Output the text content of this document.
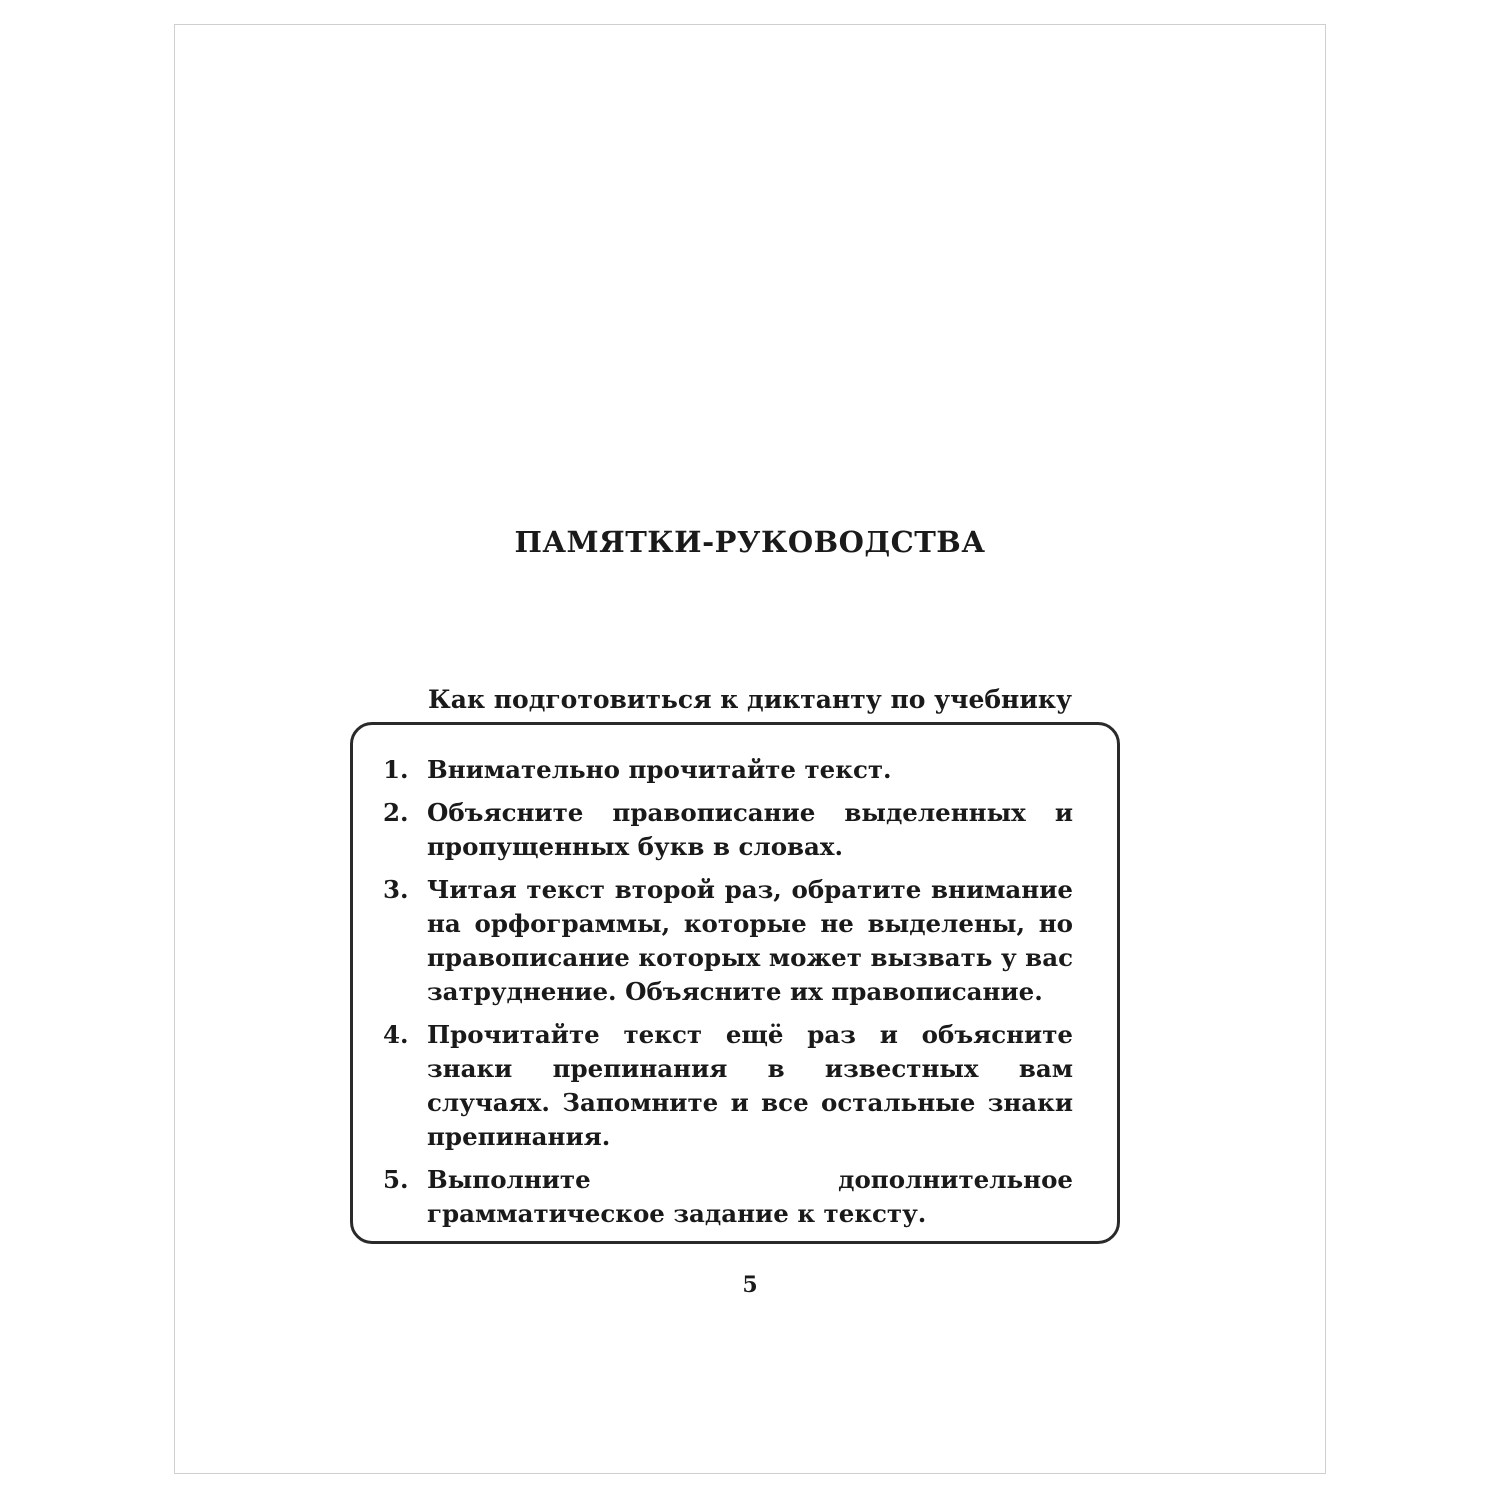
ПАМЯТКИ-РУКОВОДСТВА
Как подготовиться к диктанту по учебнику
1. Внимательно прочитайте текст.
2. Объясните правописание выделенных и пропущенных букв в словах.
3. Читая текст второй раз, обратите внимание на орфограммы, которые не выделены, но правописание которых может вызвать у вас затруднение. Объясните их правописание.
4. Прочитайте текст ещё раз и объясните знаки препинания в известных вам случаях. Запомните и все остальные знаки препинания.
5. Выполните дополнительное грамматическое задание к тексту.

5
